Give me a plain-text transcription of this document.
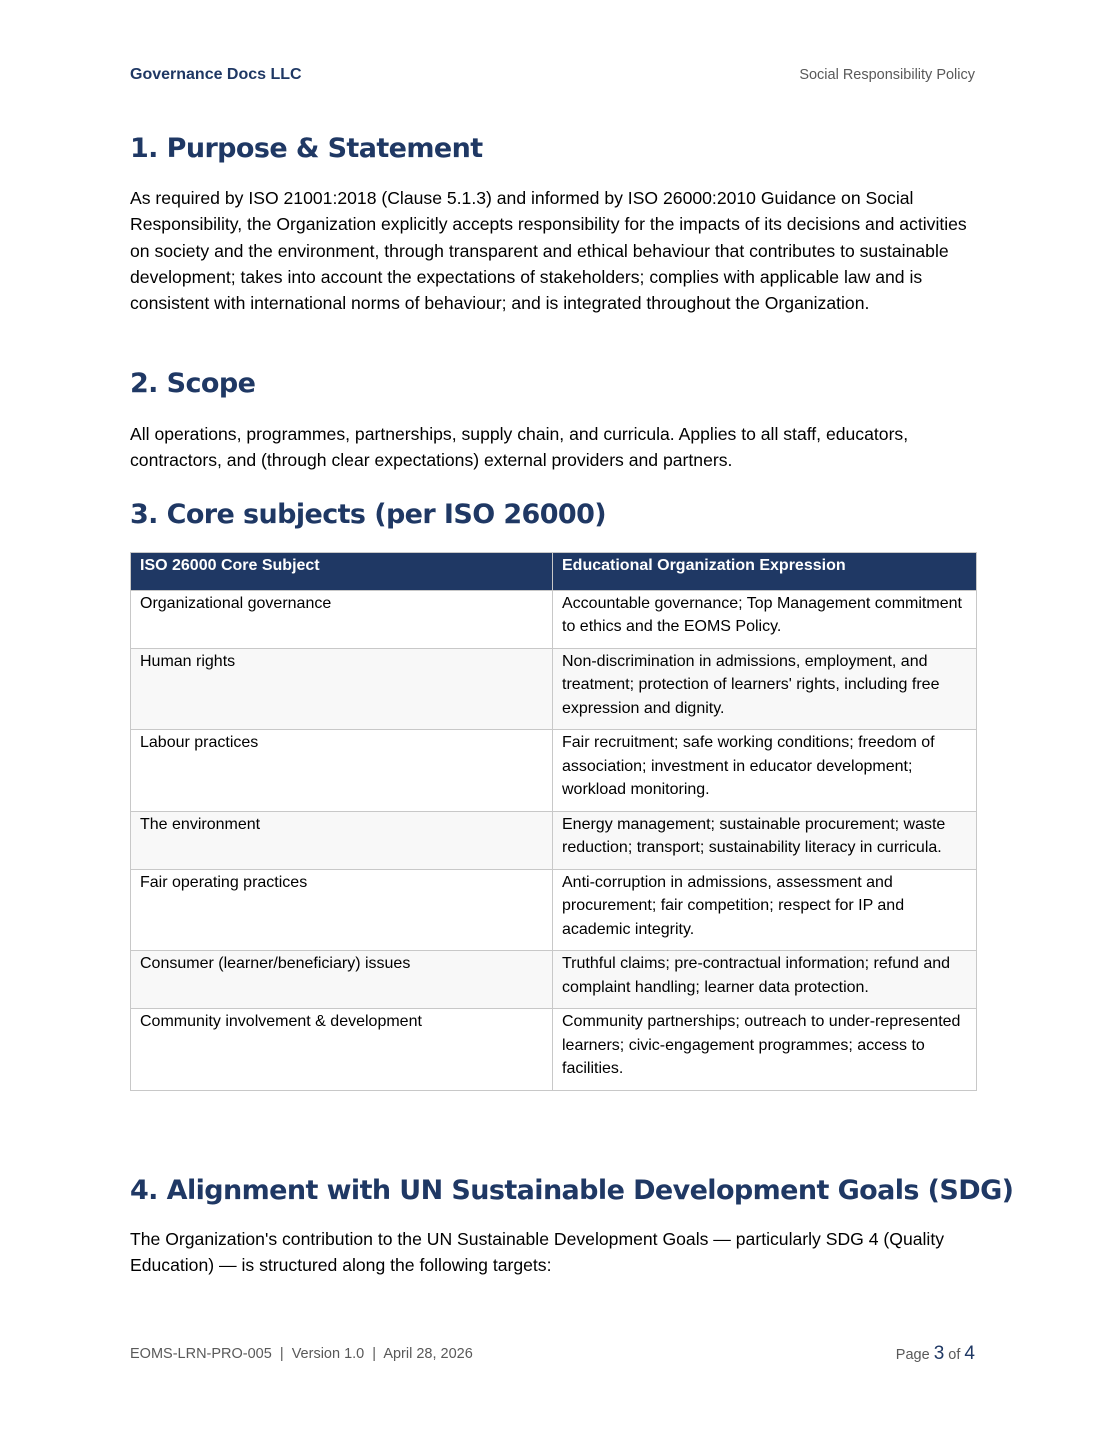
Governance Docs LLC	Social Responsibility Policy
1. Purpose & Statement

As required by ISO 21001:2018 (Clause 5.1.3) and informed by ISO 26000:2010 Guidance on Social Responsibility, the Organization explicitly accepts responsibility for the impacts of its decisions and activities on society and the environment, through transparent and ethical behaviour that contributes to sustainable development; takes into account the expectations of stakeholders; complies with applicable law and is consistent with international norms of behaviour; and is integrated throughout the Organization.

2. Scope

All operations, programmes, partnerships, supply chain, and curricula. Applies to all staff, educators, contractors, and (through clear expectations) external providers and partners.

3. Core subjects (per ISO 26000)
ISO 26000 Core Subject	Educational Organization Expression
Organizational governance	Accountable governance; Top Management commitment to ethics and the EOMS Policy.
Human rights	Non-discrimination in admissions, employment, and treatment; protection of learners' rights, including free expression and dignity.
Labour practices	Fair recruitment; safe working conditions; freedom of association; investment in educator development; workload monitoring.
The environment	Energy management; sustainable procurement; waste reduction; transport; sustainability literacy in curricula.
Fair operating practices	Anti-corruption in admissions, assessment and procurement; fair competition; respect for IP and academic integrity.
Consumer (learner/beneficiary) issues	Truthful claims; pre-contractual information; refund and complaint handling; learner data protection.
Community involvement & development	Community partnerships; outreach to under-represented learners; civic-engagement programmes; access to facilities.
4. Alignment with UN Sustainable Development Goals (SDG)

The Organization's contribution to the UN Sustainable Development Goals — particularly SDG 4 (Quality Education) — is structured along the following targets:

EOMS-LRN-PRO-005  |  Version 1.0  |  April 28, 2026	Page 3 of 4
